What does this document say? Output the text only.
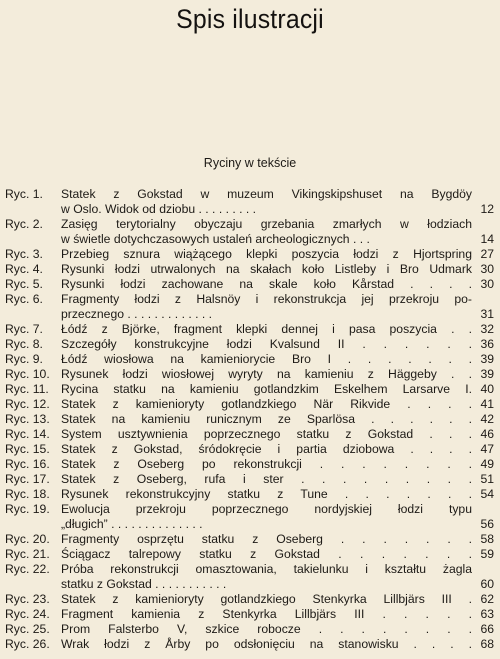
Spis ilustracji
Ryciny w tekście
Ryc. 1.	Statek z Gokstad w muzeum Vikingskipshuset na Bygdöy
w Oslo. Widok od dziobu . . . . . . . . .	12
Ryc. 2.	Zasięg terytorialny obyczaju grzebania zmarłych w łodziach
w świetle dotychczasowych ustaleń archeologicznych . . .	14
Ryc. 3.	Przebieg sznura wiążącego klepki poszycia łodzi z Hjortspring 27
Ryc. 4.	Rysunki łodzi utrwalonych na skałach koło Listleby i Bro Udmark 30
Ryc. 5.	Rysunki łodzi zachowane na skale koło Kårstad . . . . 30
Ryc. 6.	Fragmenty łodzi z Halsnöy i rekonstrukcja jej przekroju po-
przecznego . . . . . . . . . . . . .	31
Ryc. 7.	Łódź z Björke, fragment klepki dennej i pasa poszycia . . 32
Ryc. 8.	Szczegóły konstrukcyjne łodzi Kvalsund II . . . . . . 36
Ryc. 9.	Łódź wiosłowa na kamieniorycie Bro I . . . . . . . 39
Ryc. 10. Rysunek łodzi wiosłowej wyryty na kamieniu z Häggeby . . 39
Ryc. 11. Rycina statku na kamieniu gotlandzkim Eskelhem Larsarve I. 40
Ryc. 12. Statek z kamienioryty gotlandzkiego När Rikvide . . . . 41
Ryc. 13. Statek na kamieniu runicznym ze Sparlösa . . . . . . 42
Ryc. 14. System usztywnienia poprzecznego statku z Gokstad . . . 46
Ryc. 15. Statek z Gokstad, śródokręcie i partia dziobowa . . . . 47
Ryc. 16. Statek z Oseberg po rekonstrukcji . . . . . . . . 49
Ryc. 17. Statek z Oseberg, rufa i ster . . . . . . . . . 51
Ryc. 18. Rysunek rekonstrukcyjny statku z Tune . . . . . . . 54
Ryc. 19. Ewolucja przekroju poprzecznego nordyjskiej łodzi typu
„długich” . . . . . . . . . . . . . .	56
Ryc. 20. Fragmenty osprzętu statku z Oseberg . . . . . . . 58
Ryc. 21. Ściągacz talrepowy statku z Gokstad . . . . . . . 59
Ryc. 22. Próba rekonstrukcji omasztowania, takielunku i kształtu żagla
statku z Gokstad . . . . . . . . . . .	60
Ryc. 23. Statek z kamienioryty gotlandzkiego Stenkyrka Lillbjärs III . 62
Ryc. 24. Fragment kamienia z Stenkyrka Lillbjärs III . . . . . 63
Ryc. 25. Prom Falsterbo V, szkice robocze . . . . . . . . 66
Ryc. 26. Wrak łodzi z Årby po odsłonięciu na stanowisku . . . . 68
